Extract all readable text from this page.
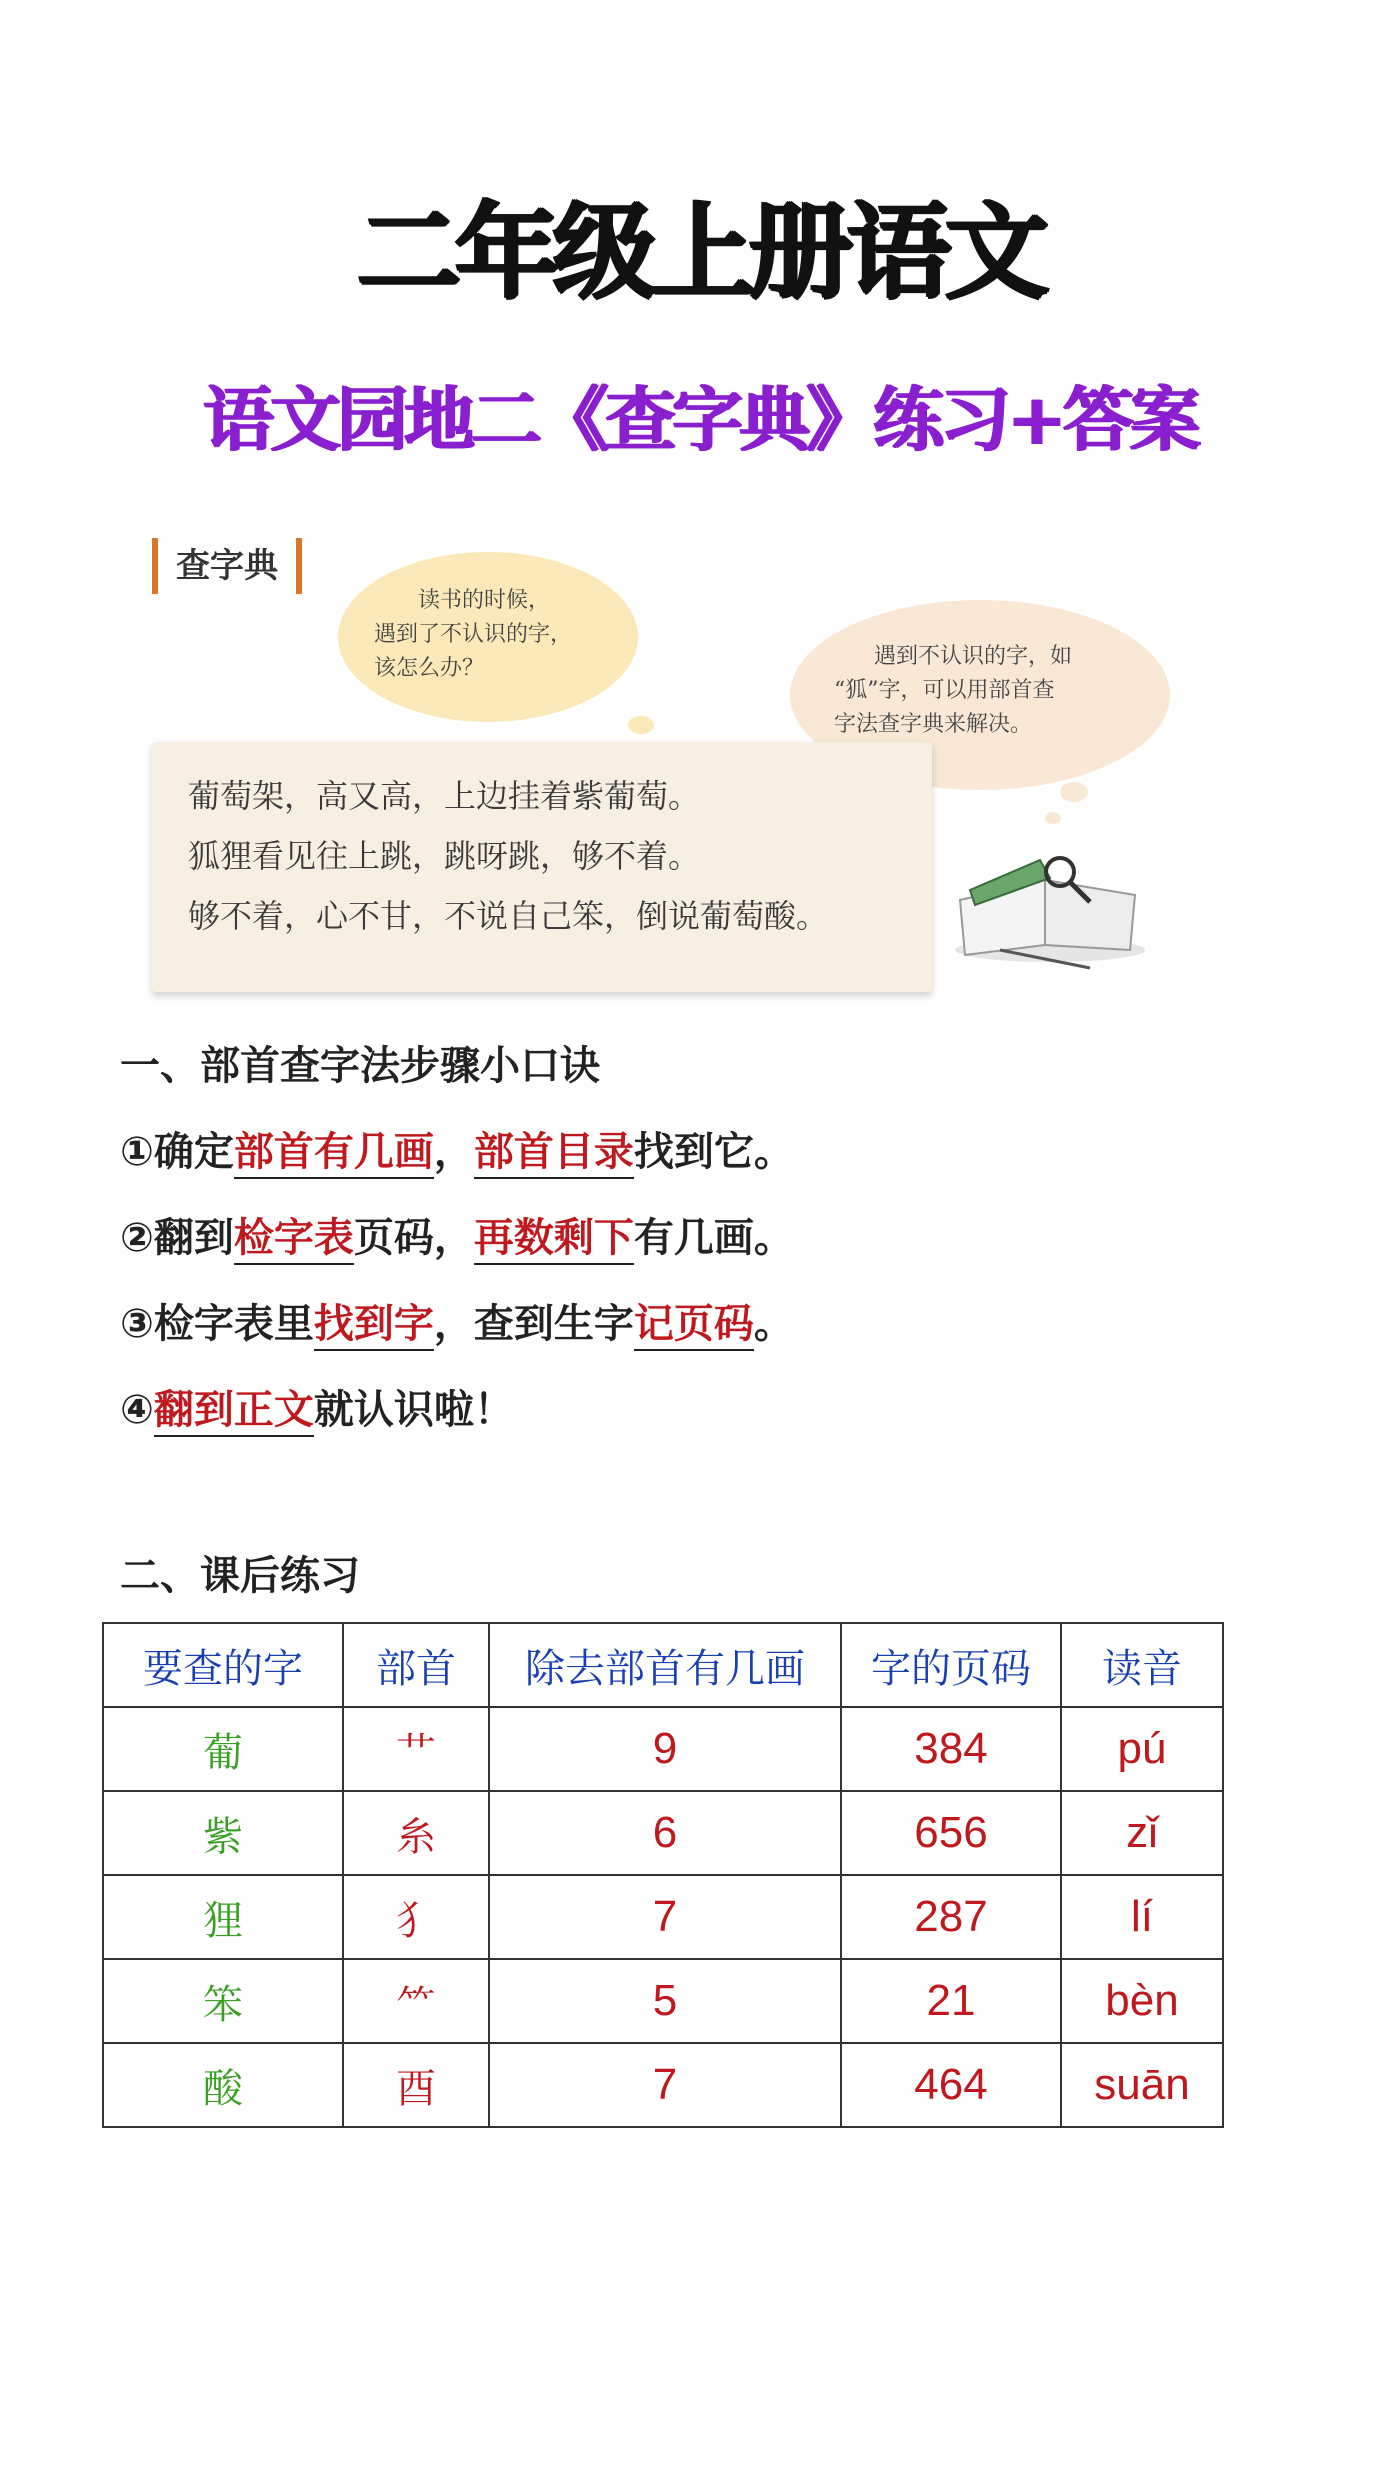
二年级上册语文
语文园地二《查字典》练习+答案
查字典
读书的时候，
遇到了不认识的字，
该怎么办？	遇到不认识的字，如
“狐”字，可以用部首查
字法查字典来解决。
葡萄架，高又高，上边挂着紫葡萄。
狐狸看见往上跳，跳呀跳，够不着。
够不着，心不甘，不说自己笨，倒说葡萄酸。
一、部首查字法步骤小口诀
①确定部首有几画，部首目录找到它。
②翻到检字表页码，再数剩下有几画。
③检字表里找到字，查到生字记页码。
④翻到正文就认识啦！
二、课后练习
要查的字	部首	除去部首有几画	字的页码	读音
葡	艹	9	384	pú
紫	糸	6	656	zǐ
狸	犭	7	287	lí
笨	⺮	5	21	bèn
酸	酉	7	464	suān
